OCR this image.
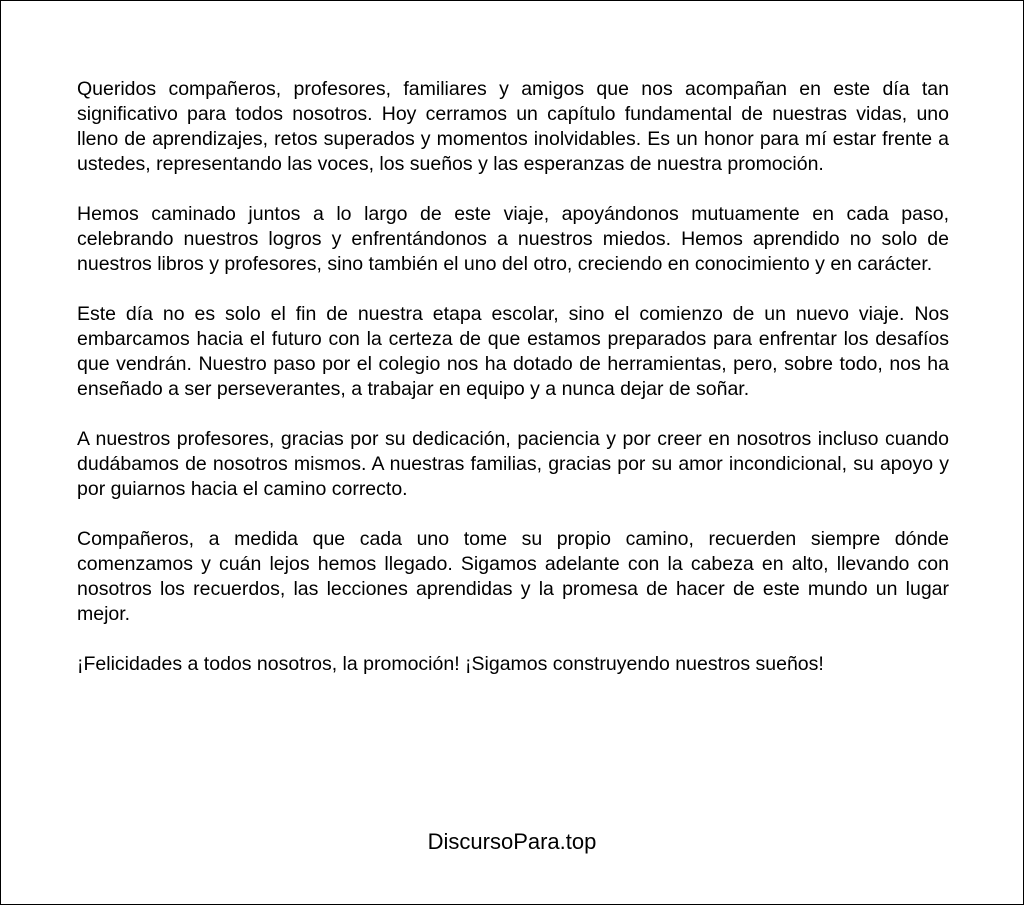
Queridos compañeros, profesores, familiares y amigos que nos acompañan en este día tan significativo para todos nosotros. Hoy cerramos un capítulo fundamental de nuestras vidas, uno lleno de aprendizajes, retos superados y momentos inolvidables. Es un honor para mí estar frente a ustedes, representando las voces, los sueños y las esperanzas de nuestra promoción.

Hemos caminado juntos a lo largo de este viaje, apoyándonos mutuamente en cada paso, celebrando nuestros logros y enfrentándonos a nuestros miedos. Hemos aprendido no solo de nuestros libros y profesores, sino también el uno del otro, creciendo en conocimiento y en carácter.

Este día no es solo el fin de nuestra etapa escolar, sino el comienzo de un nuevo viaje. Nos embarcamos hacia el futuro con la certeza de que estamos preparados para enfrentar los desafíos que vendrán. Nuestro paso por el colegio nos ha dotado de herramientas, pero, sobre todo, nos ha enseñado a ser perseverantes, a trabajar en equipo y a nunca dejar de soñar.

A nuestros profesores, gracias por su dedicación, paciencia y por creer en nosotros incluso cuando dudábamos de nosotros mismos. A nuestras familias, gracias por su amor incondicional, su apoyo y por guiarnos hacia el camino correcto.

Compañeros, a medida que cada uno tome su propio camino, recuerden siempre dónde comenzamos y cuán lejos hemos llegado. Sigamos adelante con la cabeza en alto, llevando con nosotros los recuerdos, las lecciones aprendidas y la promesa de hacer de este mundo un lugar mejor.

¡Felicidades a todos nosotros, la promoción! ¡Sigamos construyendo nuestros sueños!

DiscursoPara.top
